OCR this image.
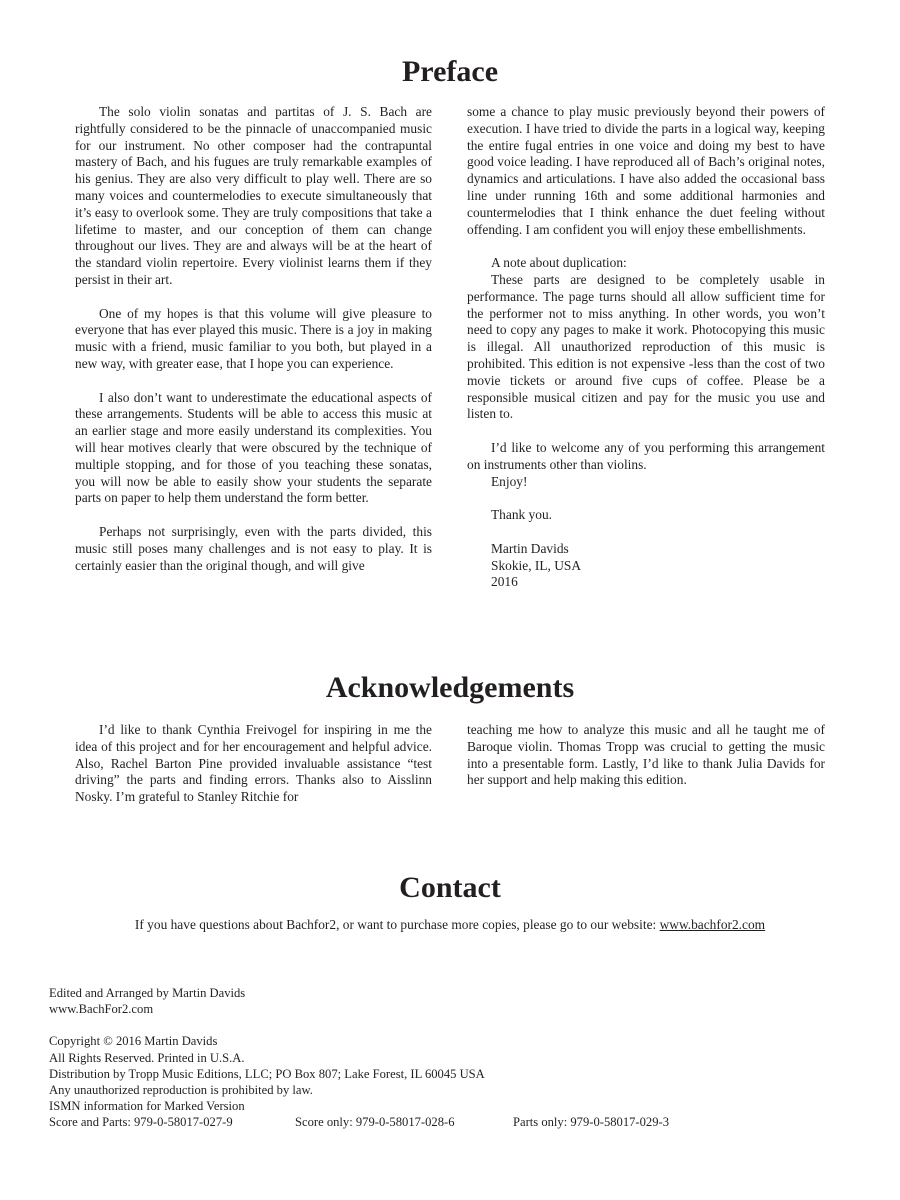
Preface

The solo violin sonatas and partitas of J. S. Bach are rightfully considered to be the pinnacle of unaccompanied music for our instrument. No other composer had the contrapuntal mastery of Bach, and his fugues are truly remarkable examples of his genius. They are also very difficult to play well. There are so many voices and countermelodies to execute simultaneously that it’s easy to overlook some. They are truly compositions that take a lifetime to master, and our conception of them can change throughout our lives. They are and always will be at the heart of the standard violin repertoire. Every violinist learns them if they persist in their art.

One of my hopes is that this volume will give pleasure to everyone that has ever played this music. There is a joy in making music with a friend, music familiar to you both, but played in a new way, with greater ease, that I hope you can experience.

I also don’t want to underestimate the educational aspects of these arrangements. Students will be able to access this music at an earlier stage and more easily understand its complexities. You will hear motives clearly that were obscured by the technique of multiple stopping, and for those of you teaching these sonatas, you will now be able to easily show your students the separate parts on paper to help them understand the form better.

Perhaps not surprisingly, even with the parts divided, this music still poses many challenges and is not easy to play. It is certainly easier than the original though, and will give

some a chance to play music previously beyond their powers of execution. I have tried to divide the parts in a logical way, keeping the entire fugal entries in one voice and doing my best to have good voice leading. I have reproduced all of Bach’s original notes, dynamics and articulations. I have also added the occasional bass line under running 16th and some additional harmonies and countermelodies that I think enhance the duet feeling without offending. I am confident you will enjoy these embellishments.

A note about duplication:

These parts are designed to be completely usable in performance. The page turns should all allow sufficient time for the performer not to miss anything. In other words, you won’t need to copy any pages to make it work. Photocopying this music is illegal. All unauthorized reproduction of this music is prohibited. This edition is not expensive -less than the cost of two movie tickets or around five cups of coffee. Please be a responsible musical citizen and pay for the music you use and listen to.

I’d like to welcome any of you performing this arrangement on instruments other than violins.

Enjoy!

Thank you.

Martin Davids

Skokie, IL, USA

2016

Acknowledgements

I’d like to thank Cynthia Freivogel for inspiring in me the idea of this project and for her encouragement and helpful advice. Also, Rachel Barton Pine provided invaluable assistance “test driving” the parts and finding errors. Thanks also to Aisslinn Nosky. I’m grateful to Stanley Ritchie for

teaching me how to analyze this music and all he taught me of Baroque violin. Thomas Tropp was crucial to getting the music into a presentable form. Lastly, I’d like to thank Julia Davids for her support and help making this edition.

Contact
If you have questions about Bachfor2, or want to purchase more copies, please go to our website: www.bachfor2.com
Edited and Arranged by Martin Davids
www.BachFor2.com
Copyright © 2016 Martin Davids
All Rights Reserved. Printed in U.S.A.
Distribution by Tropp Music Editions, LLC; PO Box 807; Lake Forest, IL 60045 USA
Any unauthorized reproduction is prohibited by law.
ISMN information for Marked Version
Score and Parts: 979-0-58017-027-9	Score only: 979-0-58017-028-6	Parts only: 979-0-58017-029-3
